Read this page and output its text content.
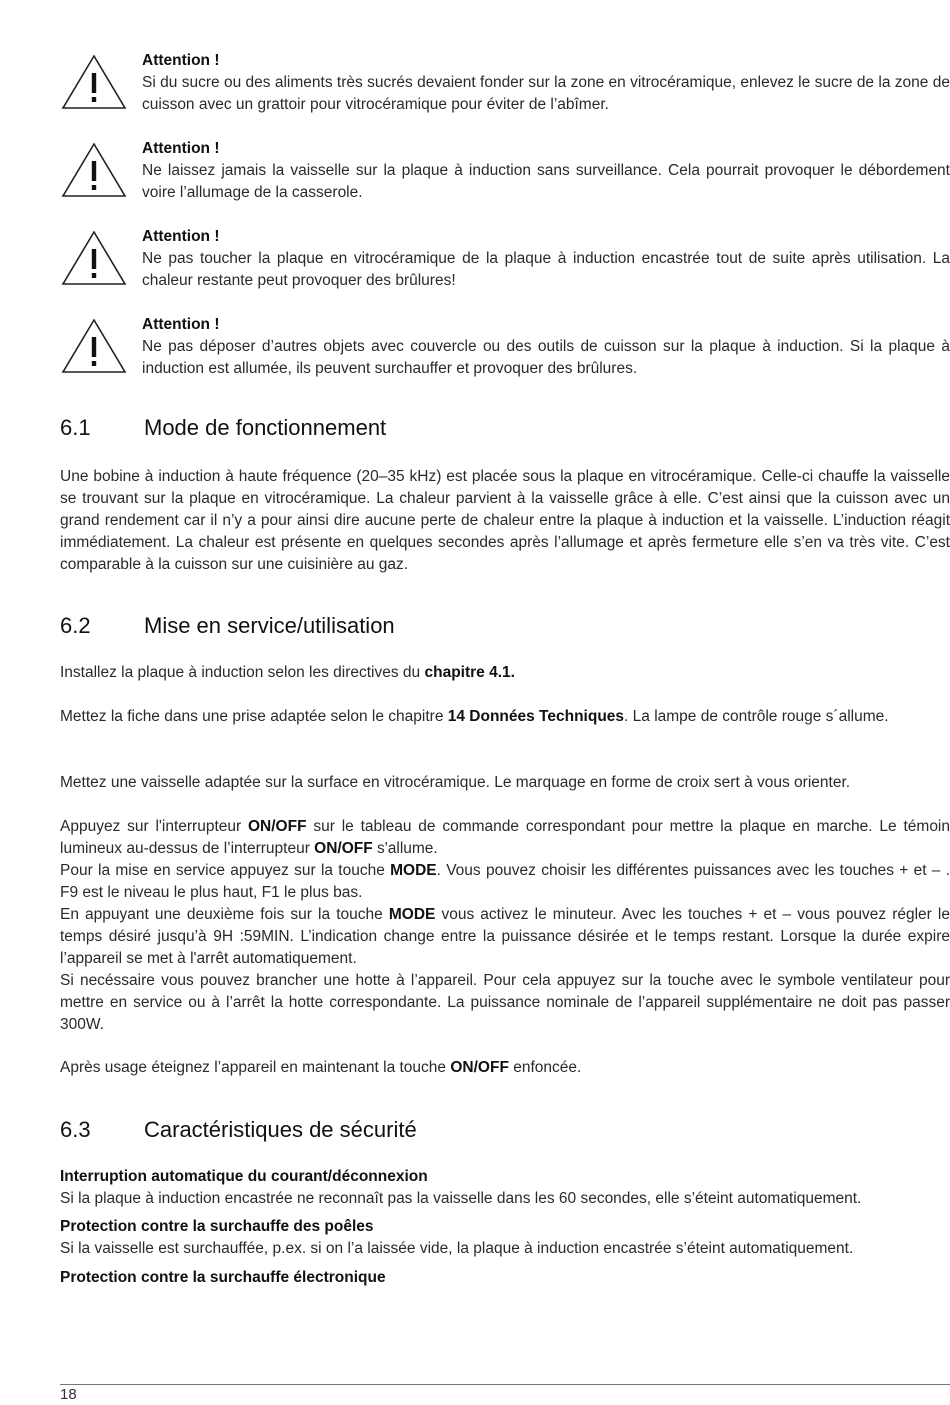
Attention !
Si du sucre ou des aliments très sucrés devaient fonder sur la zone en vitrocéramique, enlevez le sucre de la zone de cuisson avec un grattoir pour vitrocéramique pour éviter de l’abîmer.
Attention !
Ne laissez jamais la vaisselle sur la plaque à induction sans surveillance. Cela pourrait provoquer le débordement voire l’allumage de la casserole.
Attention !
Ne pas toucher la plaque en vitrocéramique de la plaque à induction encastrée tout de suite après utilisation. La chaleur restante peut provoquer des brûlures!
Attention !
Ne pas déposer d’autres objets avec couvercle ou des outils de cuisson sur la plaque à induction. Si la plaque à induction est allumée, ils peuvent surchauffer et provoquer des brûlures.
6.1	Mode de fonctionnement

Une bobine à induction à haute fréquence (20–35 kHz) est placée sous la plaque en vitrocéramique. Celle-ci chauffe la vaisselle se trouvant sur la plaque en vitrocéramique. La chaleur parvient à la vaisselle grâce à elle. C’est ainsi que la cuisson avec un grand rendement car il n’y a pour ainsi dire aucune perte de chaleur entre la plaque à induction et la vaisselle. L’induction réagit immédiatement. La chaleur est présente en quelques secondes après l’allumage et après fermeture elle s’en va très vite. C’est comparable à la cuisson sur une cuisinière au gaz.

6.2	Mise en service/utilisation

Installez la plaque à induction selon les directives du chapitre 4.1.

Mettez la fiche dans une prise adaptée selon le chapitre 14 Données Techniques. La lampe de contrôle rouge s´allume.

Mettez une vaisselle adaptée sur la surface en vitrocéramique. Le marquage en forme de croix sert à vous orienter.

Appuyez sur l'interrupteur ON/OFF sur le tableau de commande correspondant pour mettre la plaque en marche. Le témoin lumineux au-dessus de l’interrupteur ON/OFF s'allume.
Pour la mise en service appuyez sur la touche MODE. Vous pouvez choisir les différentes puissances avec les touches + et – . F9 est le niveau le plus haut, F1 le plus bas.
En appuyant une deuxième fois sur la touche MODE vous activez le minuteur. Avec les touches + et – vous pouvez régler le temps désiré jusqu’à 9H :59MIN. L’indication change entre la puissance désirée et le temps restant. Lorsque la durée expire l’appareil se met à l'arrêt automatiquement.
Si necéssaire vous pouvez brancher une hotte à l’appareil. Pour cela appuyez sur la touche avec le symbole ventilateur pour mettre en service ou à l’arrêt la hotte correspondante. La puissance nominale de l’appareil supplémentaire ne doit pas passer 300W.

Après usage éteignez l’appareil en maintenant la touche ON/OFF enfoncée.

6.3	Caractéristiques de sécurité
Interruption automatique du courant/déconnexion

Si la plaque à induction encastrée ne reconnaît pas la vaisselle dans les 60 secondes, elle s’éteint automatiquement.

Protection contre la surchauffe des poêles

Si la vaisselle est surchauffée, p.ex. si on l’a laissée vide, la plaque à induction encastrée s’éteint automatiquement.

Protection contre la surchauffe électronique
18
